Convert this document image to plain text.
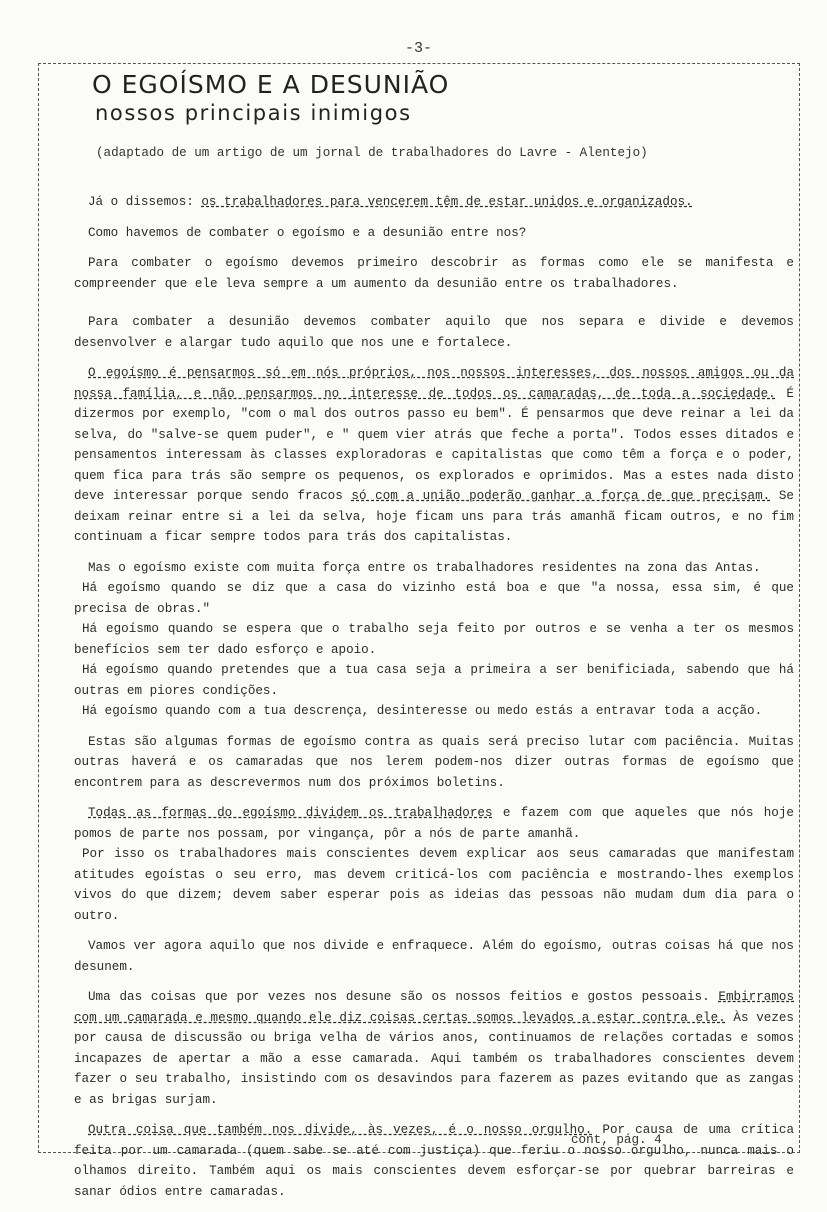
-3-
O EGOÍSMO E A DESUNIÃO
nossos principais inimigos
(adaptado de um artigo de um jornal de trabalhadores do Lavre - Alentejo)

Já o dissemos: os trabalhadores para vencerem têm de estar unidos e organizados.

Como havemos de combater o egoísmo e a desunião entre nos?

Para combater o egoísmo devemos primeiro descobrir as formas como ele se manifesta e compreender que ele leva sempre a um aumento da desunião entre os trabalhadores.

Para combater a desunião devemos combater aquilo que nos separa e divide e devemos desenvolver e alargar tudo aquilo que nos une e fortalece.

O egoísmo é pensarmos só em nós próprios, nos nossos interesses, dos nossos amigos ou da nossa família, e não pensarmos no interesse de todos os camaradas, de toda a sociedade. É dizermos por exemplo, "com o mal dos outros passo eu bem". É pensarmos que deve reinar a lei da selva, do "salve-se quem puder", e " quem vier atrás que feche a porta". Todos esses ditados e pensamentos interessam às classes exploradoras e capitalistas que como têm a força e o poder, quem fica para trás são sempre os pequenos, os explorados e oprimidos. Mas a estes nada disto deve interessar porque sendo fracos só com a união poderão ganhar a força de que precisam. Se deixam reinar entre si a lei da selva, hoje ficam uns para trás amanhã ficam outros, e no fim continuam a ficar sempre todos para trás dos capitalistas.

Mas o egoísmo existe com muita força entre os trabalhadores residentes na zona das Antas.
Há egoísmo quando se diz que a casa do vizinho está boa e que "a nossa, essa sim, é que precisa de obras."
Há egoísmo quando se espera que o trabalho seja feito por outros e se venha a ter os mesmos benefícios sem ter dado esforço e apoio.
Há egoísmo quando pretendes que a tua casa seja a primeira a ser benificiada, sabendo que há outras em piores condições.
Há egoísmo quando com a tua descrença, desinteresse ou medo estás a entravar toda a acção.

Estas são algumas formas de egoísmo contra as quais será preciso lutar com paciência. Muitas outras haverá e os camaradas que nos lerem podem-nos dizer outras formas de egoísmo que encontrem para as descrevermos num dos próximos boletins.

Todas as formas do egoísmo dividem os trabalhadores e fazem com que aqueles que nós hoje pomos de parte nos possam, por vingança, pôr a nós de parte amanhã.
Por isso os trabalhadores mais conscientes devem explicar aos seus camaradas que manifestam atitudes egoístas o seu erro, mas devem criticá-los com paciência e mostrando-lhes exemplos vivos do que dizem; devem saber esperar pois as ideias das pessoas não mudam dum dia para o outro.

Vamos ver agora aquilo que nos divide e enfraquece. Além do egoísmo, outras coisas há que nos desunem.

Uma das coisas que por vezes nos desune são os nossos feitios e gostos pessoais. Embirramos com um camarada e mesmo quando ele diz coisas certas somos levados a estar contra ele. Às vezes por causa de discussão ou briga velha de vários anos, continuamos de relações cortadas e somos incapazes de apertar a mão a esse camarada. Aqui também os trabalhadores conscientes devem fazer o seu trabalho, insistindo com os desavindos para fazerem as pazes evitando que as zangas e as brigas surjam.

Outra coisa que também nos divide, às vezes, é o nosso orgulho. Por causa de uma crítica feita por um camarada (quem sabe se até com justiça) que feriu o nosso orgulho, nunca mais o olhamos direito. Também aqui os mais conscientes devem esforçar-se por quebrar barreiras e sanar ódios entre camaradas.

cont, pág. 4
